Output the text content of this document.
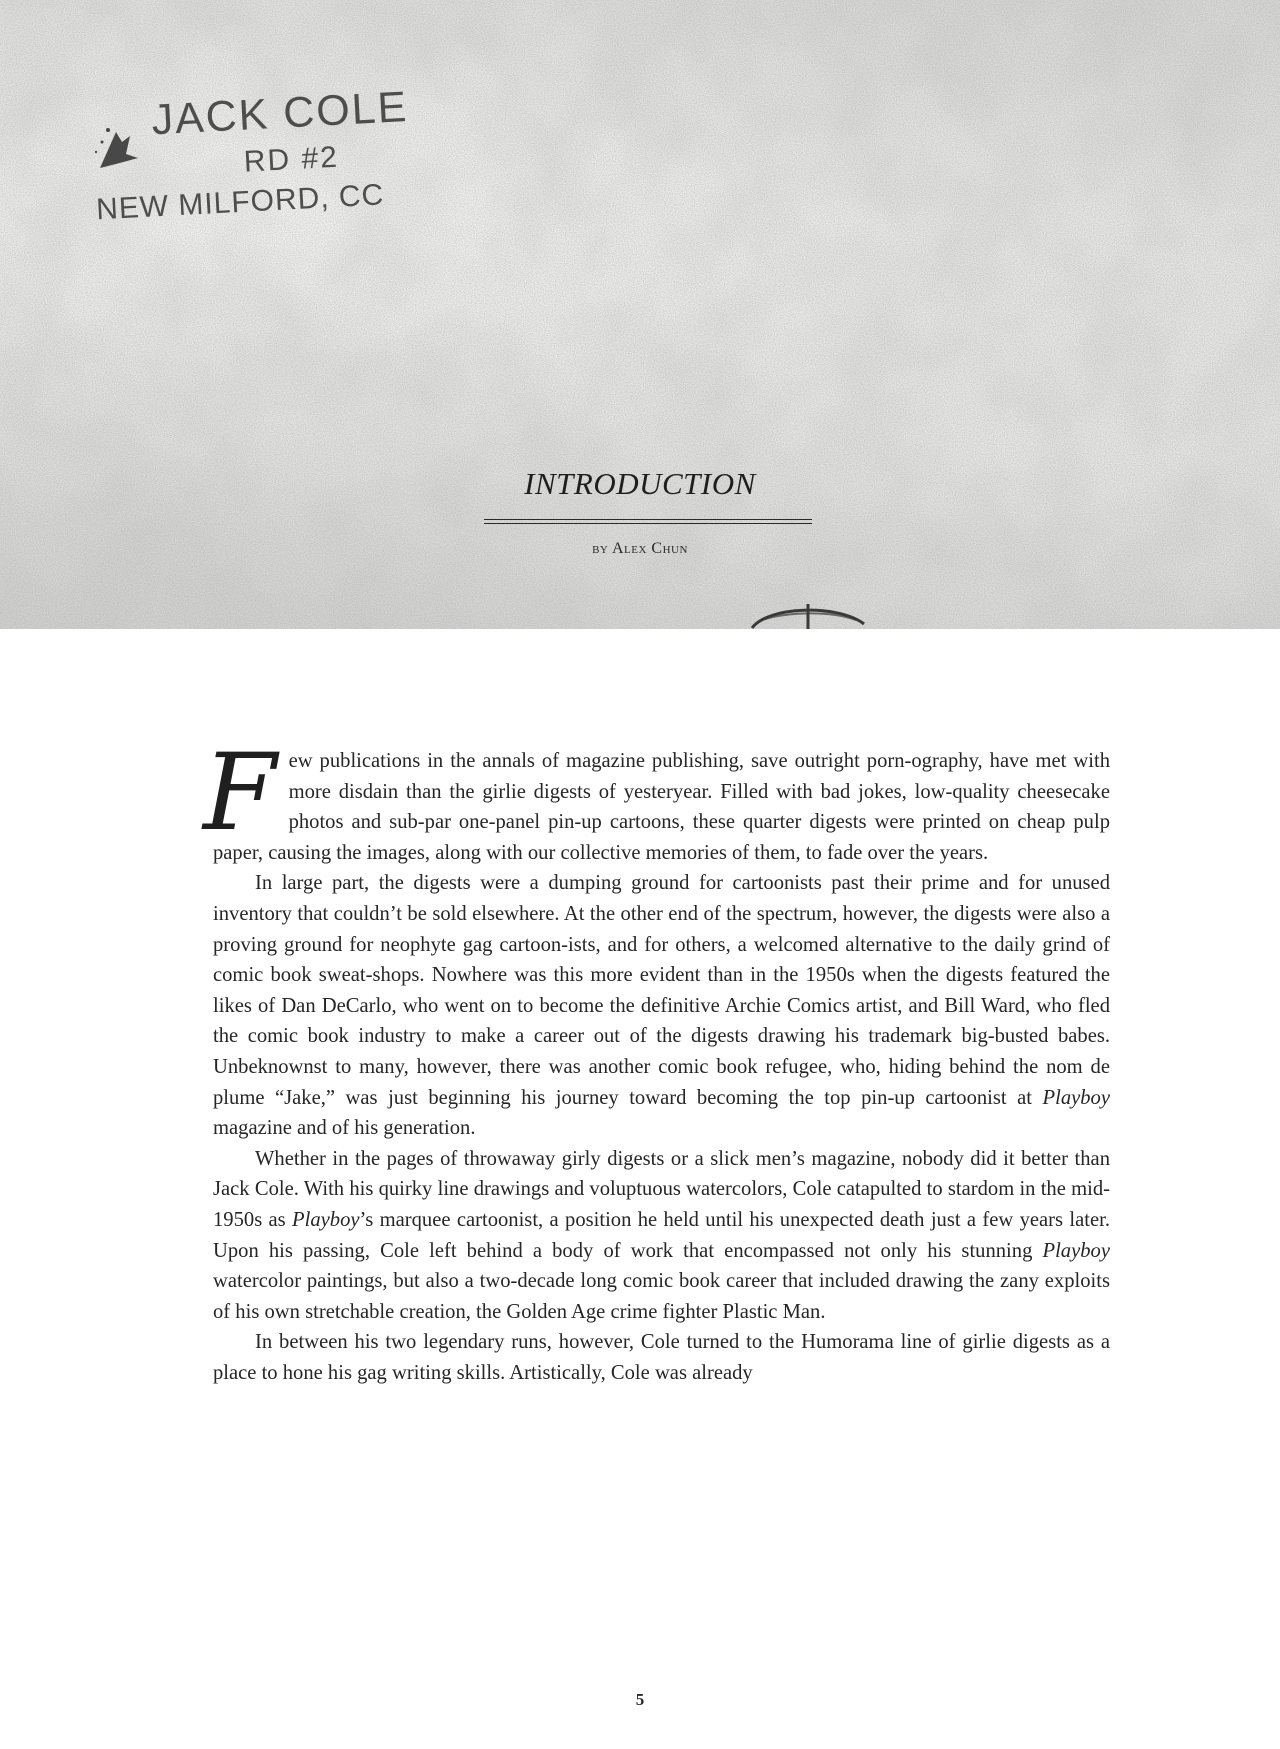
JACK COLE
RD #2
NEW MILFORD, CC
INTRODUCTION
by Alex Chun

Few publications in the annals of magazine publishing, save outright porn-ography, have met with more disdain than the girlie digests of yesteryear. Filled with bad jokes, low-quality cheesecake photos and sub-par one-panel pin-up cartoons, these quarter digests were printed on cheap pulp paper, causing the images, along with our collective memories of them, to fade over the years.

In large part, the digests were a dumping ground for cartoonists past their prime and for unused inventory that couldn’t be sold elsewhere. At the other end of the spectrum, however, the digests were also a proving ground for neophyte gag cartoon-ists, and for others, a welcomed alternative to the daily grind of comic book sweat-shops. Nowhere was this more evident than in the 1950s when the digests featured the likes of Dan DeCarlo, who went on to become the definitive Archie Comics artist, and Bill Ward, who fled the comic book industry to make a career out of the digests drawing his trademark big-busted babes. Unbeknownst to many, however, there was another comic book refugee, who, hiding behind the nom de plume “Jake,” was just beginning his journey toward becoming the top pin-up cartoonist at Playboy magazine and of his generation.

Whether in the pages of throwaway girly digests or a slick men’s magazine, nobody did it better than Jack Cole. With his quirky line drawings and voluptuous watercolors, Cole catapulted to stardom in the mid-1950s as Playboy’s marquee cartoonist, a position he held until his unexpected death just a few years later. Upon his passing, Cole left behind a body of work that encompassed not only his stunning Playboy watercolor paintings, but also a two-decade long comic book career that included drawing the zany exploits of his own stretchable creation, the Golden Age crime fighter Plastic Man.

In between his two legendary runs, however, Cole turned to the Humorama line of girlie digests as a place to hone his gag writing skills. Artistically, Cole was already

5
